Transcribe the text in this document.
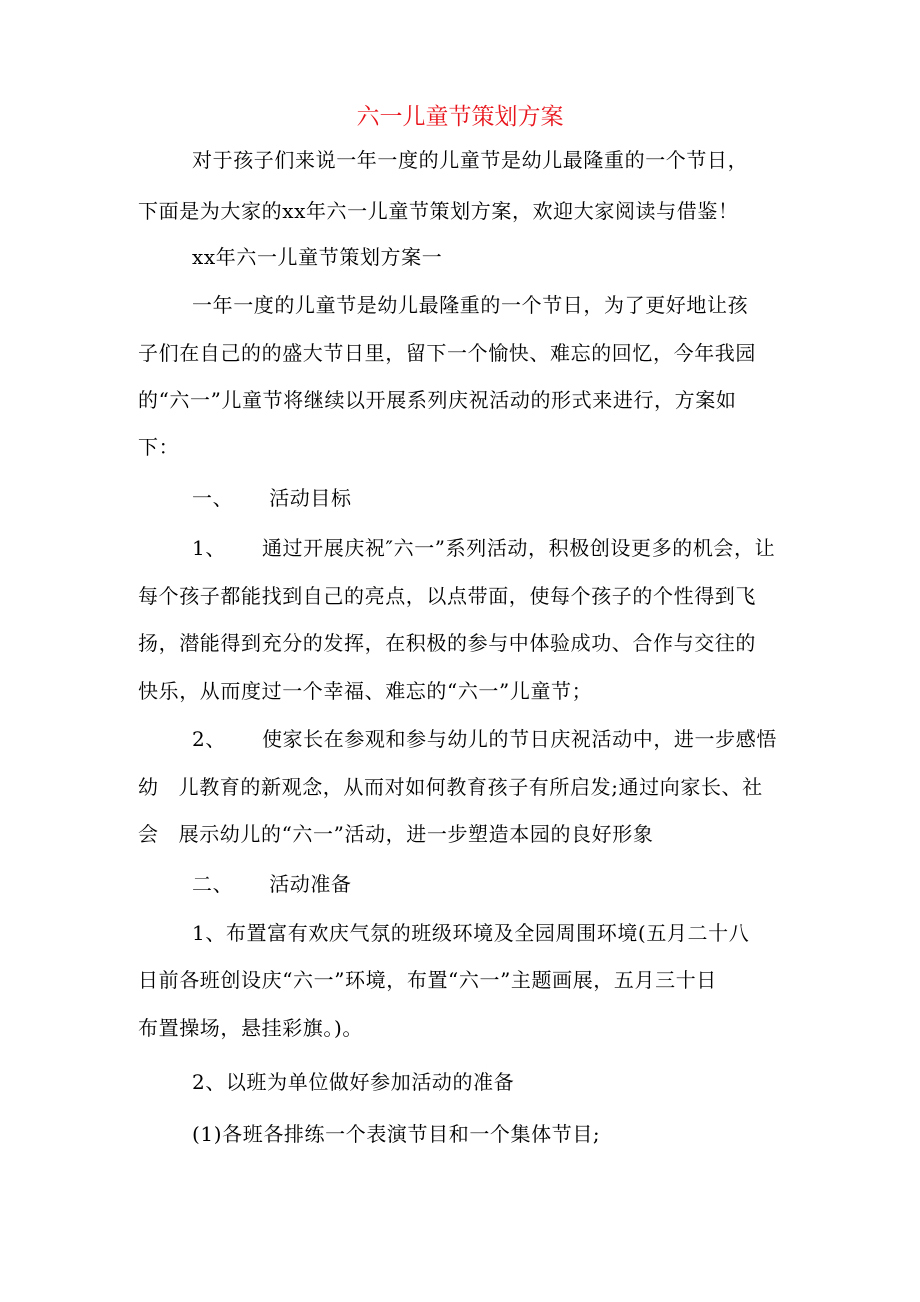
六一儿童节策划方案
对于孩子们来说一年一度的儿童节是幼儿最隆重的一个节日，
下面是为大家的xx年六一儿童节策划方案，欢迎大家阅读与借鉴！
xx年六一儿童节策划方案一
一年一度的儿童节是幼儿最隆重的一个节日，为了更好地让孩
子们在自己的的盛大节日里，留下一个愉快、难忘的回忆，今年我园
的“六一”儿童节将继续以开展系列庆祝活动的形式来进行，方案如
下：
一、 活动目标
1、 通过开展庆祝″六一”系列活动，积极创设更多的机会，让
每个孩子都能找到自己的亮点，以点带面，使每个孩子的个性得到飞
扬，潜能得到充分的发挥，在积极的参与中体验成功、合作与交往的
快乐，从而度过一个幸福、难忘的“六一”儿童节；
2、 使家长在参观和参与幼儿的节日庆祝活动中，进一步感悟
幼 儿教育的新观念，从而对如何教育孩子有所启发;通过向家长、社
会 展示幼儿的“六一”活动，进一步塑造本园的良好形象
二、 活动准备
1、布置富有欢庆气氛的班级环境及全园周围环境(五月二十八
日前各班创设庆“六一”环境，布置“六一”主题画展，五月三十日
布置操场，悬挂彩旗。)。
2、以班为单位做好参加活动的准备
(1)各班各排练一个表演节目和一个集体节目;
